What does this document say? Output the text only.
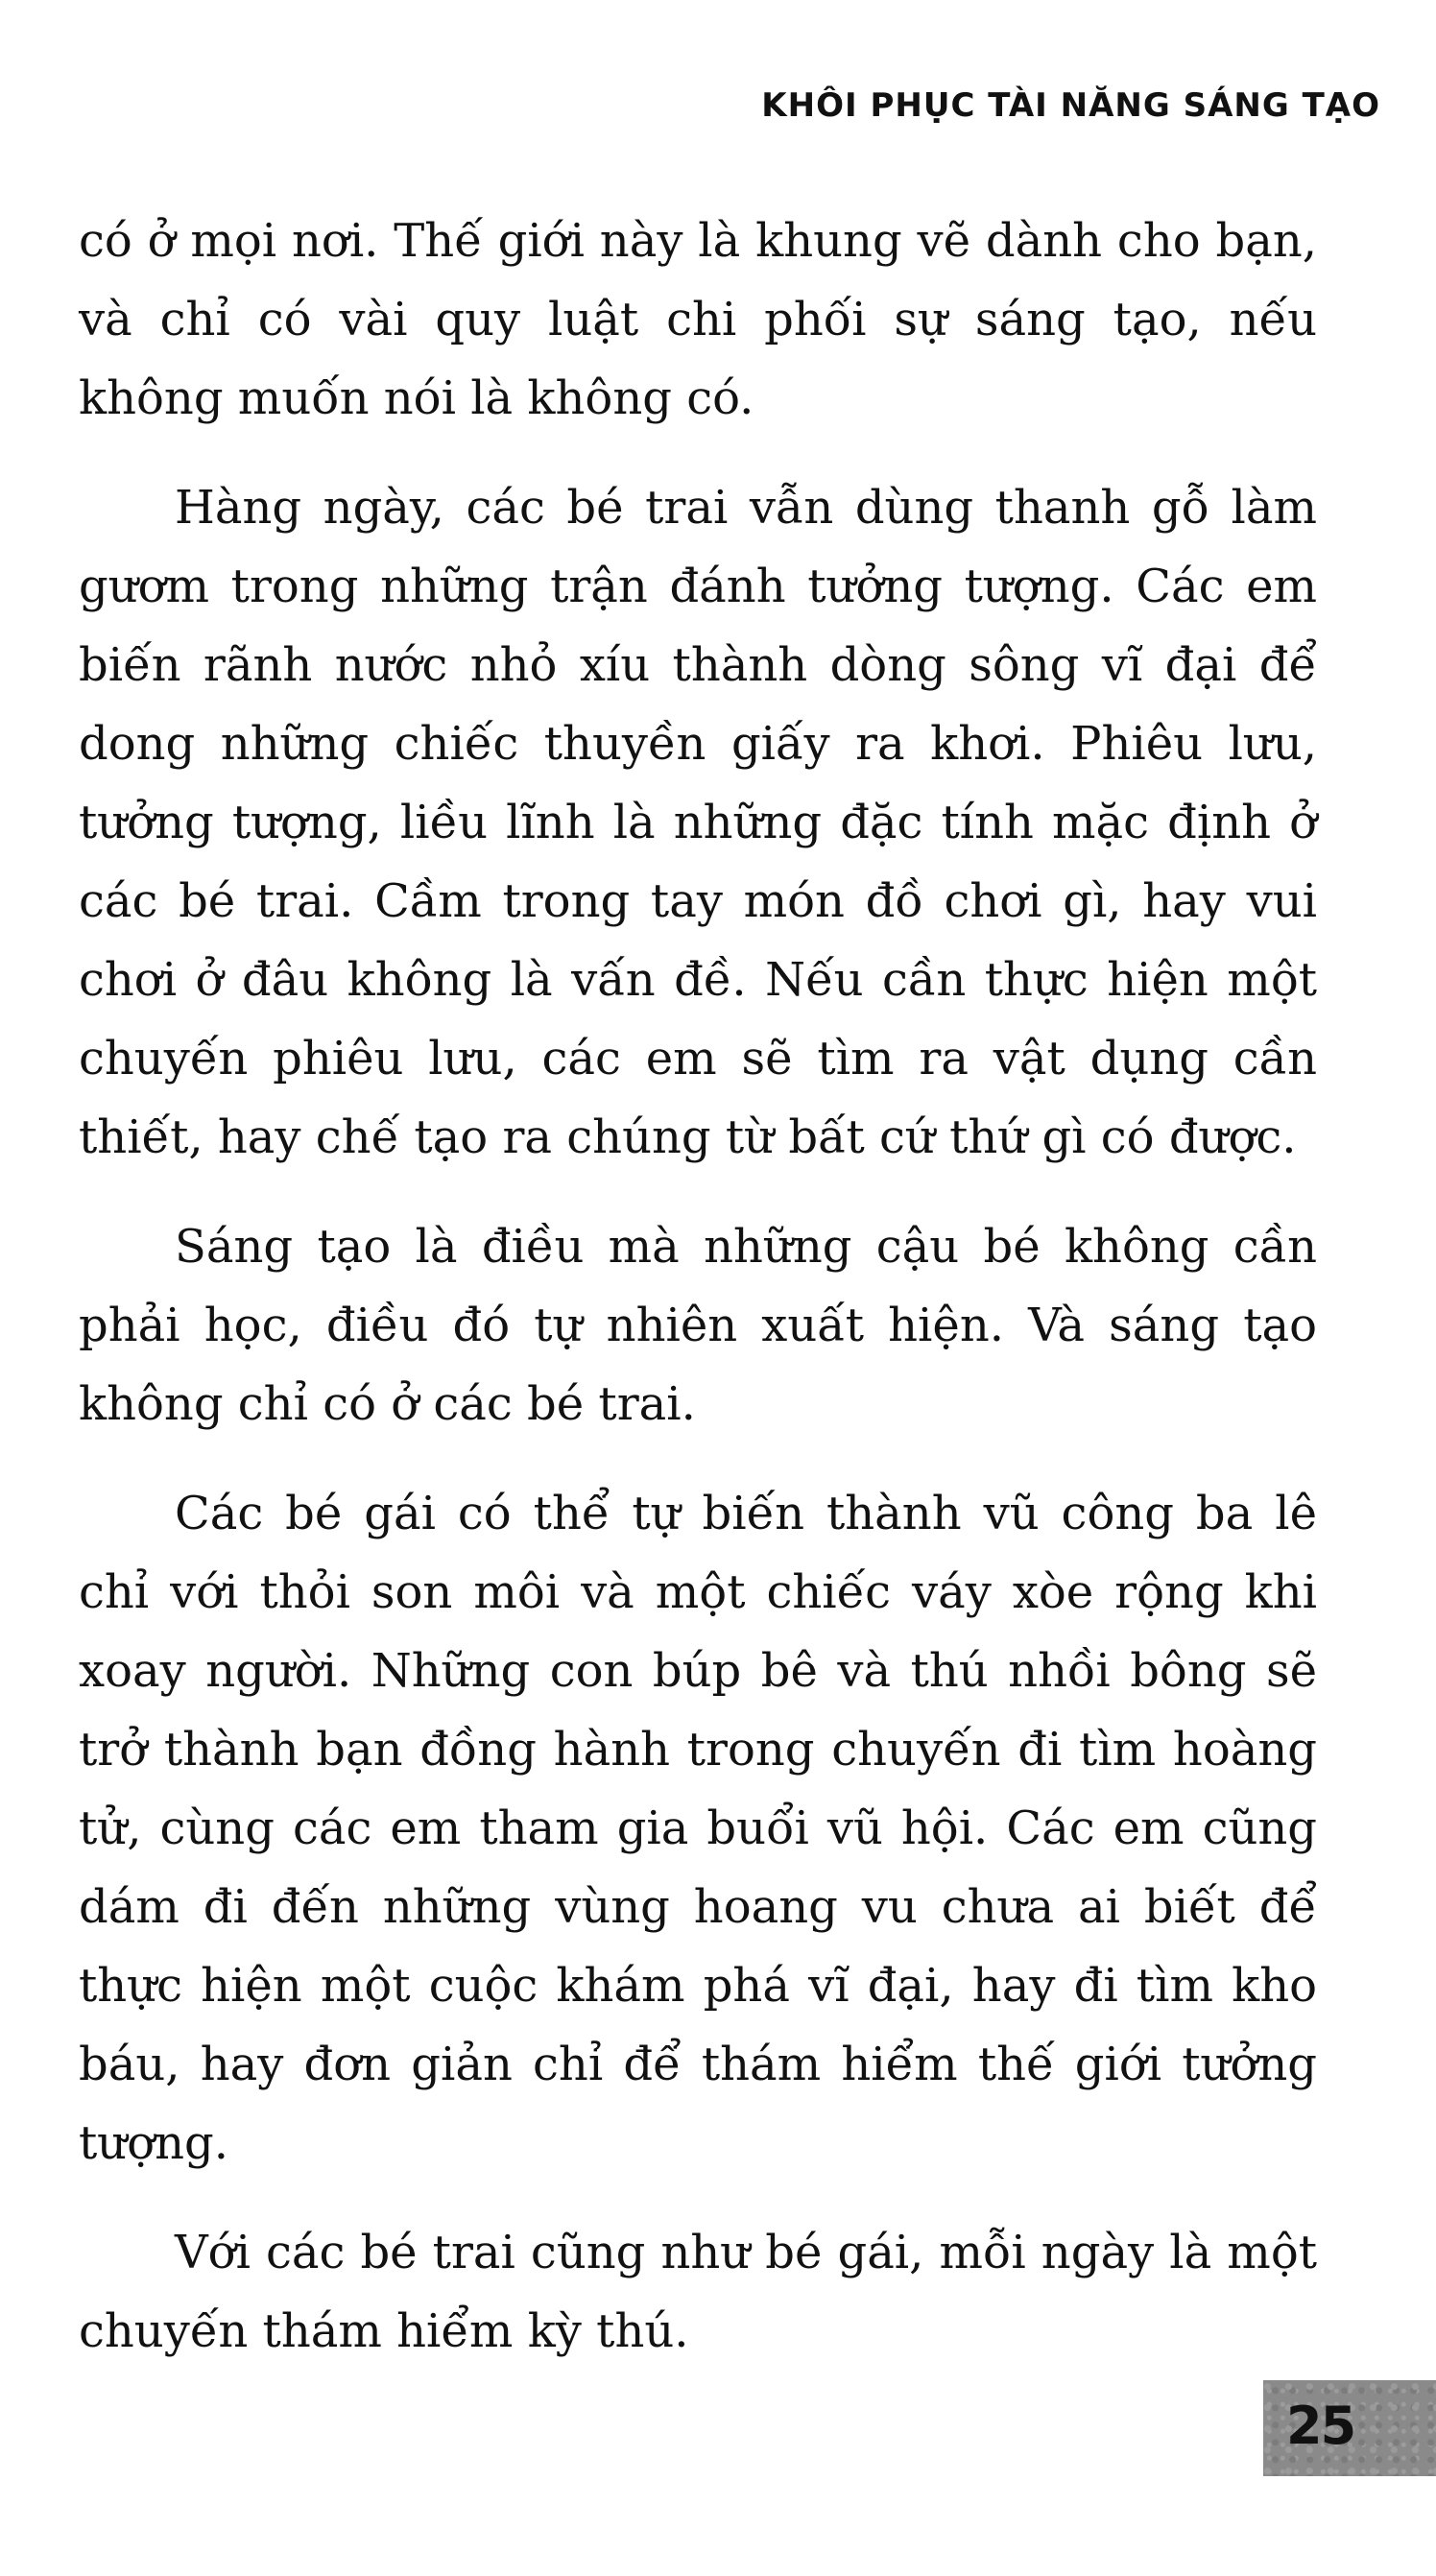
KHÔI PHỤC TÀI NĂNG SÁNG TẠO

có ở mọi nơi. Thế giới này là khung vẽ dành cho bạn, và chỉ có vài quy luật chi phối sự sáng tạo, nếu không muốn nói là không có.

Hàng ngày, các bé trai vẫn dùng thanh gỗ làm gươm trong những trận đánh tưởng tượng. Các em biến rãnh nước nhỏ xíu thành dòng sông vĩ đại để dong những chiếc thuyền giấy ra khơi. Phiêu lưu, tưởng tượng, liều lĩnh là những đặc tính mặc định ở các bé trai. Cầm trong tay món đồ chơi gì, hay vui chơi ở đâu không là vấn đề. Nếu cần thực hiện một chuyến phiêu lưu, các em sẽ tìm ra vật dụng cần thiết, hay chế tạo ra chúng từ bất cứ thứ gì có được.

Sáng tạo là điều mà những cậu bé không cần phải học, điều đó tự nhiên xuất hiện. Và sáng tạo không chỉ có ở các bé trai.

Các bé gái có thể tự biến thành vũ công ba lê chỉ với thỏi son môi và một chiếc váy xòe rộng khi xoay người. Những con búp bê và thú nhồi bông sẽ trở thành bạn đồng hành trong chuyến đi tìm hoàng tử, cùng các em tham gia buổi vũ hội. Các em cũng dám đi đến những vùng hoang vu chưa ai biết để thực hiện một cuộc khám phá vĩ đại, hay đi tìm kho báu, hay đơn giản chỉ để thám hiểm thế giới tưởng tượng.

Với các bé trai cũng như bé gái, mỗi ngày là một chuyến thám hiểm kỳ thú.

25
